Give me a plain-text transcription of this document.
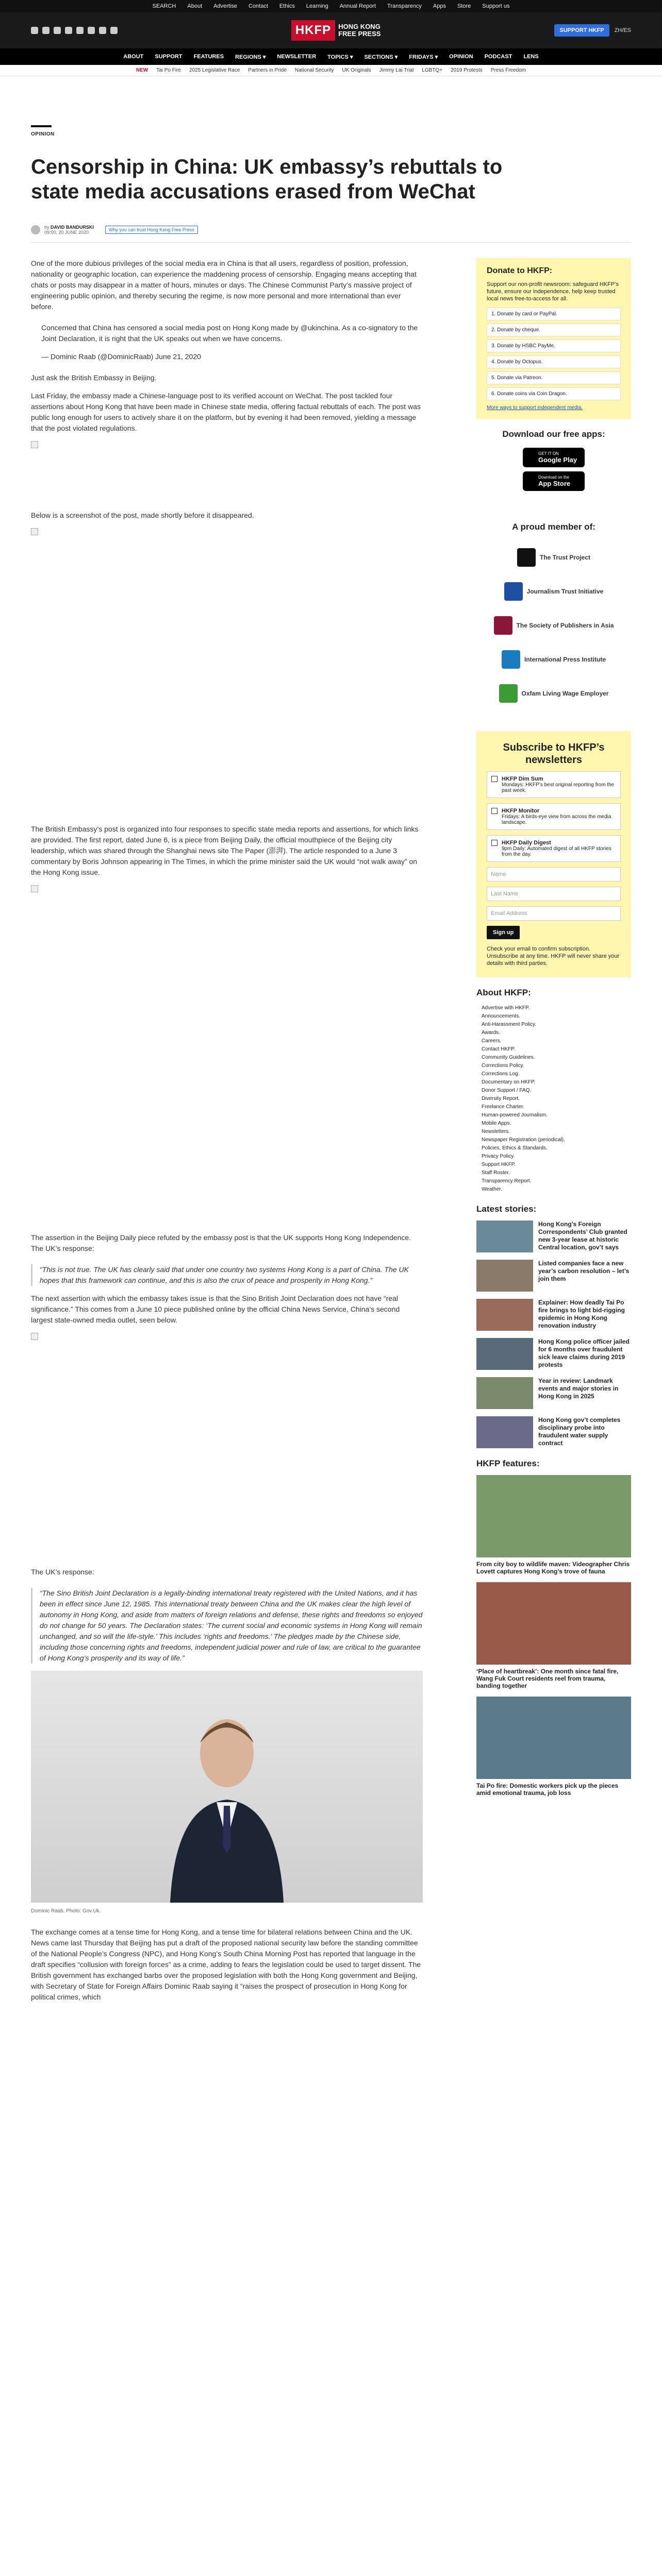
SEARCH About Advertise Contact Ethics Learning Annual Report Transparency Apps Store Support us
HKFP	HONG KONG
FREE PRESS	SUPPORT HKFP	ZH/ES
ABOUT SUPPORT FEATURES REGIONS ▾ NEWSLETTER TOPICS ▾ SECTIONS ▾ FRIDAYS ▾ OPINION PODCAST LENS
NEW Tai Po Fire 2025 Legislative Race Partners in Pride National Security UK Originals Jimmy Lai Trial LGBTQ+ 2019 Protests Press Freedom
OPINION
Censorship in China: UK embassy’s rebuttals to state media accusations erased from WeChat
by DAVID BANDURSKI
09:00, 20 JUNE 2020	Why you can trust Hong Kong Free Press

One of the more dubious privileges of the social media era in China is that all users, regardless of position, profession, nationality or geographic location, can experience the maddening process of censorship. Engaging means accepting that chats or posts may disappear in a matter of hours, minutes or days. The Chinese Communist Party’s massive project of engineering public opinion, and thereby securing the regime, is now more personal and more international than ever before.

Concerned that China has censored a social media post on Hong Kong made by @ukinchina. As a co-signatory to the Joint Declaration, it is right that the UK speaks out when we have concerns.

— Dominic Raab (@DominicRaab) June 21, 2020

Just ask the British Embassy in Beijing.

Last Friday, the embassy made a Chinese-language post to its verified account on WeChat. The post tackled four assertions about Hong Kong that have been made in Chinese state media, offering factual rebuttals of each. The post was public long enough for users to actively share it on the platform, but by evening it had been removed, yielding a message that the post violated regulations.

Below is a screenshot of the post, made shortly before it disappeared.

The British Embassy’s post is organized into four responses to specific state media reports and assertions, for which links are provided. The first report, dated June 6, is a piece from Beijing Daily, the official mouthpiece of the Beijing city leadership, which was shared through the Shanghai news site The Paper (澎湃). The article responded to a June 3 commentary by Boris Johnson appearing in The Times, in which the prime minister said the UK would “not walk away” on the Hong Kong issue.

The assertion in the Beijing Daily piece refuted by the embassy post is that the UK supports Hong Kong Independence. The UK’s response:

“This is not true. The UK has clearly said that under one country two systems Hong Kong is a part of China. The UK hopes that this framework can continue, and this is also the crux of peace and prosperity in Hong Kong.”

The next assertion with which the embassy takes issue is that the Sino British Joint Declaration does not have “real significance.” This comes from a June 10 piece published online by the official China News Service, China’s second largest state-owned media outlet, seen below.

The UK’s response:

“The Sino British Joint Declaration is a legally-binding international treaty registered with the United Nations, and it has been in effect since June 12, 1985. This international treaty between China and the UK makes clear the high level of autonomy in Hong Kong, and aside from matters of foreign relations and defense, these rights and freedoms so enjoyed do not change for 50 years. The Declaration states: ‘The current social and economic systems in Hong Kong will remain unchanged, and so will the life-style.’ This includes ‘rights and freedoms.’ The pledges made by the Chinese side, including those concerning rights and freedoms, independent judicial power and rule of law, are critical to the guarantee of Hong Kong’s prosperity and its way of life.”

Dominic Raab. Photo: Gov.Uk.

The exchange comes at a tense time for Hong Kong, and a tense time for bilateral relations between China and the UK. News came last Thursday that Beijing has put a draft of the proposed national security law before the standing committee of the National People’s Congress (NPC), and Hong Kong’s South China Morning Post has reported that language in the draft specifies “collusion with foreign forces” as a crime, adding to fears the legislation could be used to target dissent. The British government has exchanged barbs over the proposed legislation with both the Hong Kong government and Beijing, with Secretary of State for Foreign Affairs Dominic Raab saying it “raises the prospect of prosecution in Hong Kong for political crimes, which

Donate to HKFP:

Support our non-profit newsroom: safeguard HKFP’s future, ensure our independence, help keep trusted local news free-to-access for all.

1. Donate by card or PayPal.
2. Donate by cheque.
3. Donate by HSBC PayMe.
4. Donate by Octopus.
5. Donate via Patreon.
6. Donate coins via Coin Dragon.
More ways to support independent media.
Download our free apps:
GET IT ON
Google Play
Download on the
App Store
A proud member of:
The Trust Project
Journalism Trust Initiative
The Society of Publishers in Asia
International Press Institute
Oxfam Living Wage Employer
Subscribe to HKFP’s newsletters
HKFP Dim Sum
Mondays: HKFP’s best original reporting from the past week.
HKFP Monitor
Fridays: A birds-eye view from across the media landscape.
HKFP Daily Digest
9pm Daily: Automated digest of all HKFP stories from the day.
Name
Last Name
Email Address
Sign up

Check your email to confirm subscription. Unsubscribe at any time. HKFP will never share your details with third parties.

About HKFP:
Advertise with HKFP.
Announcements.
Anti-Harassment Policy.
Awards.
Careers.
Contact HKFP.
Community Guidelines.
Corrections Policy.
Corrections Log.
Documentary on HKFP.
Donor Support / FAQ.
Diversity Report.
Freelance Charter.
Human-powered Journalism.
Mobile Apps.
Newsletters.
Newspaper Registration (periodical).
Policies, Ethics & Standards.
Privacy Policy.
Support HKFP.
Staff Roster.
Transparency Report.
Weather.
Latest stories:
Hong Kong’s Foreign Correspondents’ Club granted new 3-year lease at historic Central location, gov’t says
Listed companies face a new year’s carbon resolution – let’s join them
Explainer: How deadly Tai Po fire brings to light bid-rigging epidemic in Hong Kong renovation industry
Hong Kong police officer jailed for 6 months over fraudulent sick leave claims during 2019 protests
Year in review: Landmark events and major stories in Hong Kong in 2025
Hong Kong gov’t completes disciplinary probe into fraudulent water supply contract
HKFP features:
From city boy to wildlife maven: Videographer Chris Lovett captures Hong Kong’s trove of fauna
‘Place of heartbreak’: One month since fatal fire, Wang Fuk Court residents reel from trauma, banding together
Tai Po fire: Domestic workers pick up the pieces amid emotional trauma, job loss
